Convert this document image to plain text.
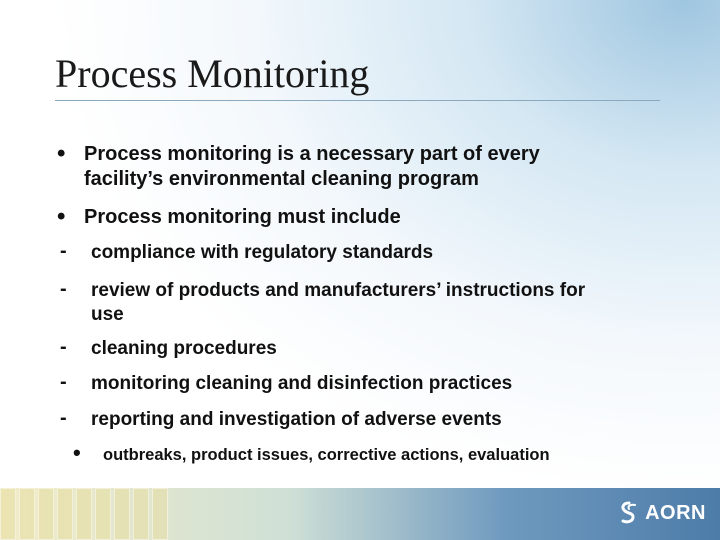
Process Monitoring
• Process monitoring is a necessary part of every
facility’s environmental cleaning program
• Process monitoring must include
- compliance with regulatory standards
- review of products and manufacturers’ instructions for
use
- cleaning procedures
- monitoring cleaning and disinfection practices
- reporting and investigation of adverse events
• outbreaks, product issues, corrective actions, evaluation
AORN
